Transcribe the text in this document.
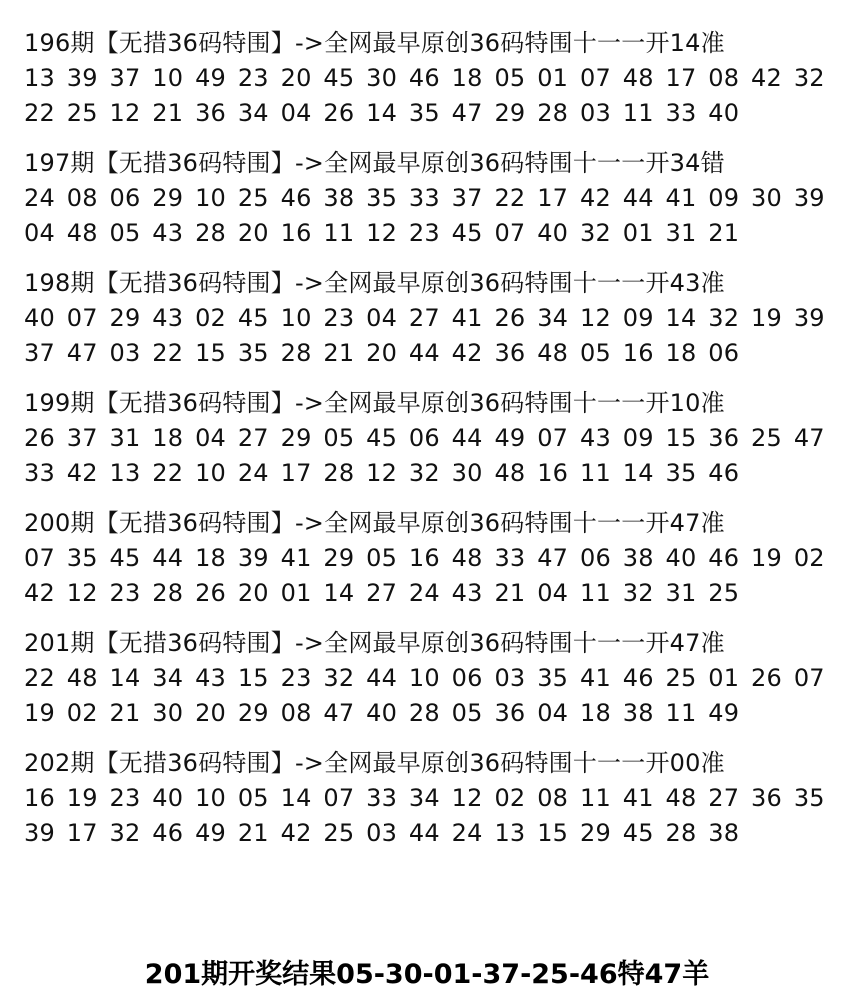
196期【无措36码特围】->全网最早原创36码特围十一一开14准
13 39 37 10 49 23 20 45 30 46 18 05 01 07 48 17 08 42 32
22 25 12 21 36 34 04 26 14 35 47 29 28 03 11 33 40
197期【无措36码特围】->全网最早原创36码特围十一一开34错
24 08 06 29 10 25 46 38 35 33 37 22 17 42 44 41 09 30 39
04 48 05 43 28 20 16 11 12 23 45 07 40 32 01 31 21
198期【无措36码特围】->全网最早原创36码特围十一一开43准
40 07 29 43 02 45 10 23 04 27 41 26 34 12 09 14 32 19 39
37 47 03 22 15 35 28 21 20 44 42 36 48 05 16 18 06
199期【无措36码特围】->全网最早原创36码特围十一一开10准
26 37 31 18 04 27 29 05 45 06 44 49 07 43 09 15 36 25 47
33 42 13 22 10 24 17 28 12 32 30 48 16 11 14 35 46
200期【无措36码特围】->全网最早原创36码特围十一一开47准
07 35 45 44 18 39 41 29 05 16 48 33 47 06 38 40 46 19 02
42 12 23 28 26 20 01 14 27 24 43 21 04 11 32 31 25
201期【无措36码特围】->全网最早原创36码特围十一一开47准
22 48 14 34 43 15 23 32 44 10 06 03 35 41 46 25 01 26 07
19 02 21 30 20 29 08 47 40 28 05 36 04 18 38 11 49
202期【无措36码特围】->全网最早原创36码特围十一一开00准
16 19 23 40 10 05 14 07 33 34 12 02 08 11 41 48 27 36 35
39 17 32 46 49 21 42 25 03 44 24 13 15 29 45 28 38
201期开奖结果05-30-01-37-25-46特47羊
